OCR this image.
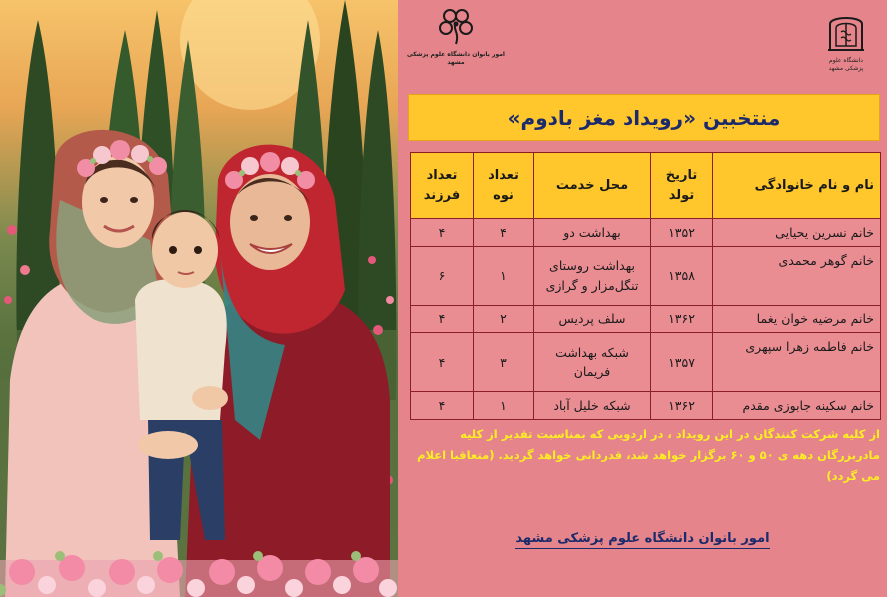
دانشگاه علوم پزشکی مشهد
امور بانوان دانشگاه علوم پزشکی مشهد
منتخبین «رویداد مغز بادوم»
نام و نام خانوادگی	تاریخ تولد	محل خدمت	تعداد نوه	تعداد فرزند
خانم نسرین یحیایی	۱۳۵۲	بهداشت دو	۴	۴
خانم گوهر محمدی	۱۳۵۸	بهداشت روستای تنگل‌مزار و گرازی	۱	۶
خانم مرضیه خوان یغما	۱۳۶۲	سلف پردیس	۲	۴
خانم فاطمه زهرا سپهری	۱۳۵۷	شبکه بهداشت فریمان	۳	۴
خانم سکینه جابوزی مقدم	۱۳۶۲	شبکه خلیل آباد	۱	۴
از کلیه شرکت کنندگان در این رویداد ، در اردویی که بمناسبت تقدیر از کلیه مادربزرگان دهه ی ۵۰ و ۶۰ برگزار خواهد شد، قدردانی خواهد گردید. (متعاقبا اعلام می گردد)
امور بانوان دانشگاه علوم پزشکی مشهد
